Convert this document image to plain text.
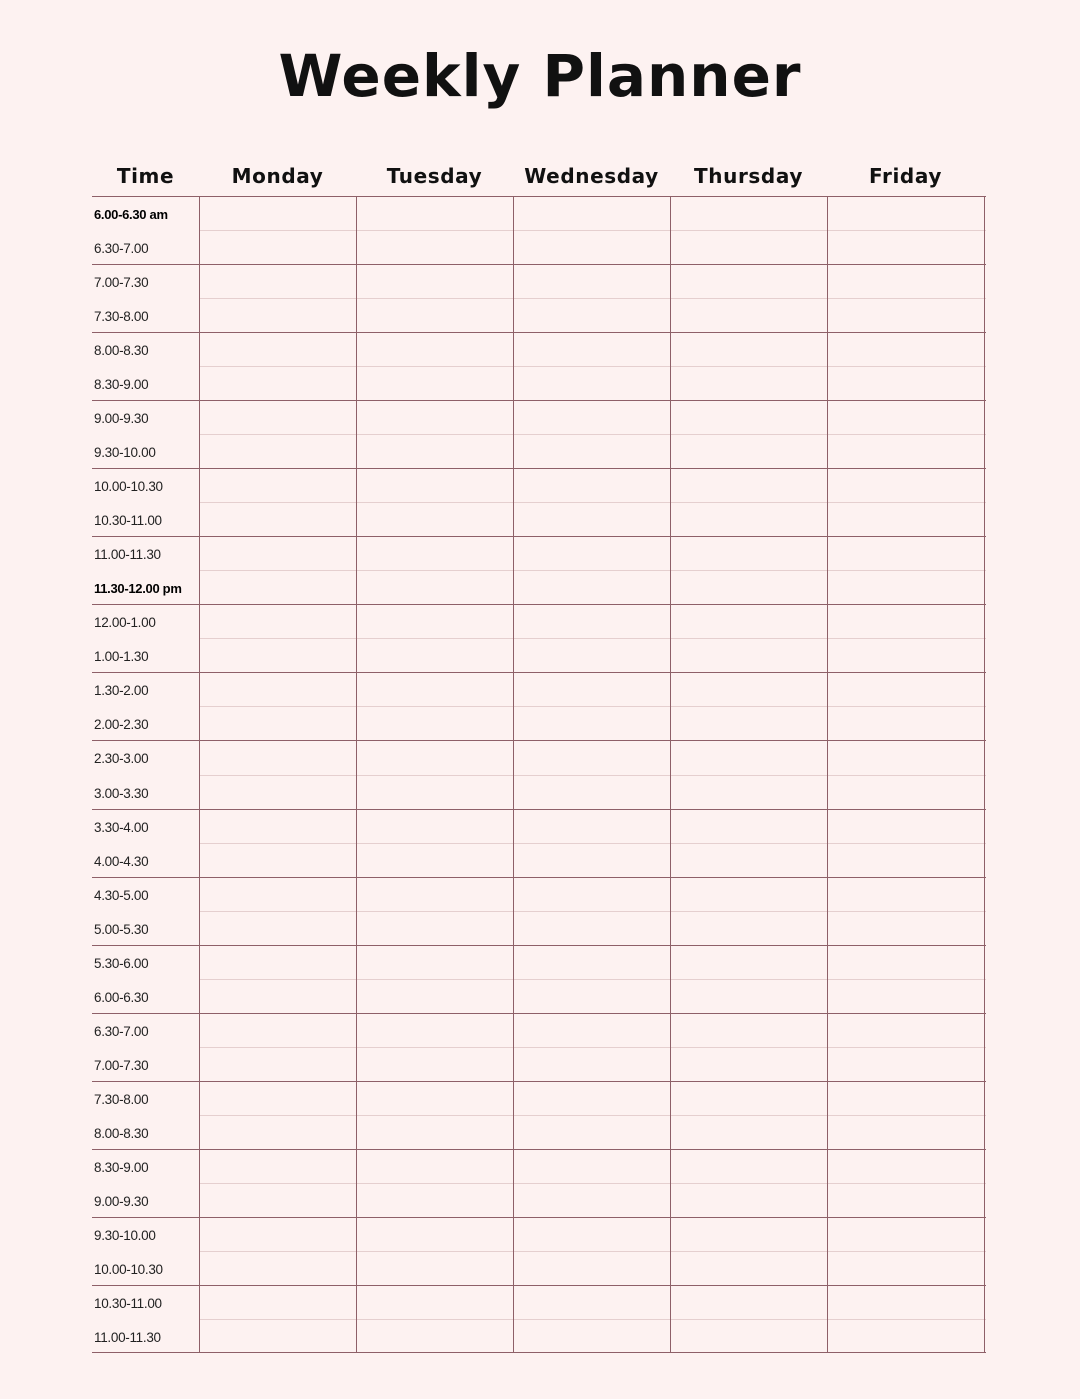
Weekly Planner
Time	Monday	Tuesday	Wednesday	Thursday	Friday
6.00-6.30 am
6.30-7.00
7.00-7.30
7.30-8.00
8.00-8.30
8.30-9.00
9.00-9.30
9.30-10.00
10.00-10.30
10.30-11.00
11.00-11.30
11.30-12.00 pm
12.00-1.00
1.00-1.30
1.30-2.00
2.00-2.30
2.30-3.00
3.00-3.30
3.30-4.00
4.00-4.30
4.30-5.00
5.00-5.30
5.30-6.00
6.00-6.30
6.30-7.00
7.00-7.30
7.30-8.00
8.00-8.30
8.30-9.00
9.00-9.30
9.30-10.00
10.00-10.30
10.30-11.00
11.00-11.30
